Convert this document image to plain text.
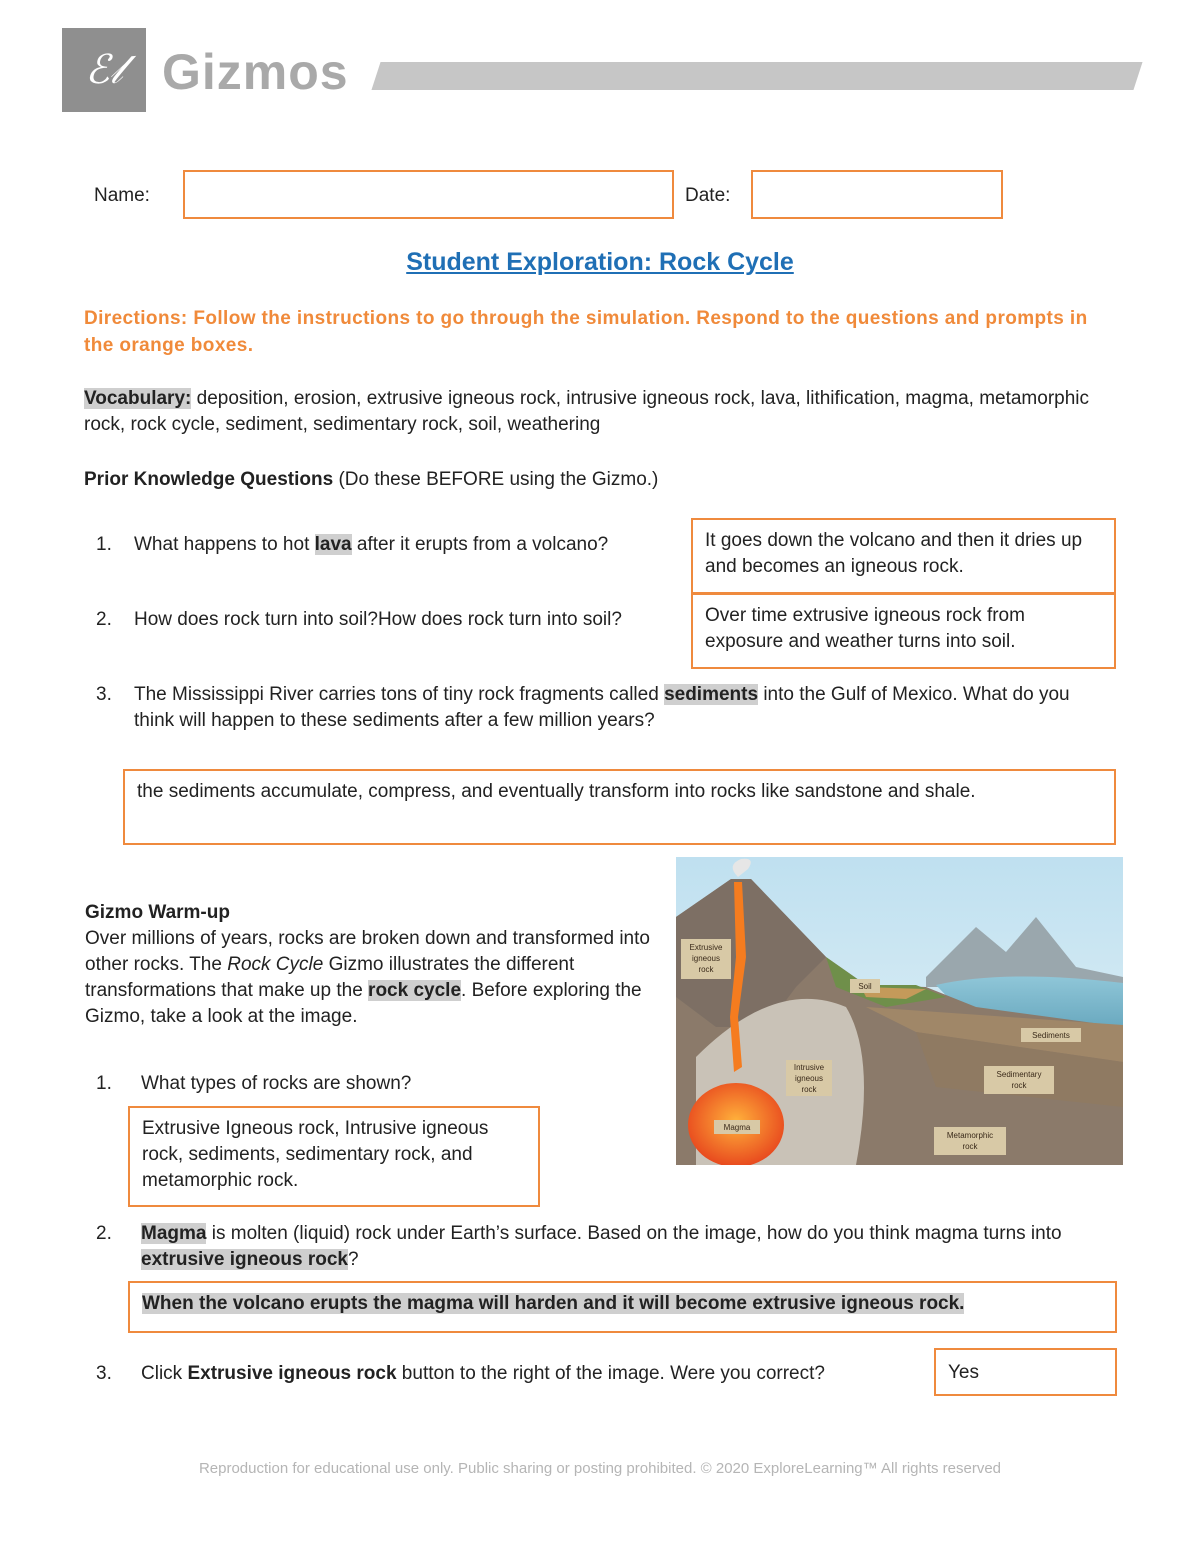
ℰ𝓁 Gizmos
Name:	Date:
Student Exploration: Rock Cycle
Directions: Follow the instructions to go through the simulation. Respond to the questions and prompts in the orange boxes.
Vocabulary: deposition, erosion, extrusive igneous rock, intrusive igneous rock, lava, lithification, magma, metamorphic rock, rock cycle, sediment, sedimentary rock, soil, weathering
Prior Knowledge Questions (Do these BEFORE using the Gizmo.)
1. What happens to hot lava after it erupts from a volcano?	It goes down the volcano and then it dries up and becomes an igneous rock.
2. How does rock turn into soil?How does rock turn into soil?	Over time extrusive igneous rock from exposure and weather turns into soil.
3. The Mississippi River carries tons of tiny rock fragments called sediments into the Gulf of Mexico. What do you think will happen to these sediments after a few million years?
the sediments accumulate, compress, and eventually transform into rocks like sandstone and shale.
Gizmo Warm-up
Over millions of years, rocks are broken down and transformed into other rocks. The Rock Cycle Gizmo illustrates the different transformations that make up the rock cycle. Before exploring the Gizmo, take a look at the image.
Extrusive
igneous
rock
Soil
Sediments
Intrusive
igneous
rock
Sedimentary
rock
Magma
Metamorphic
rock
1. What types of rocks are shown?
Extrusive Igneous rock, Intrusive igneous rock, sediments, sedimentary rock, and metamorphic rock.
2. Magma is molten (liquid) rock under Earth’s surface. Based on the image, how do you think magma turns into extrusive igneous rock?
When the volcano erupts the magma will harden and it will become extrusive igneous rock.
3. Click Extrusive igneous rock button to the right of the image. Were you correct?	Yes
Reproduction for educational use only. Public sharing or posting prohibited. © 2020 ExploreLearning™ All rights reserved
